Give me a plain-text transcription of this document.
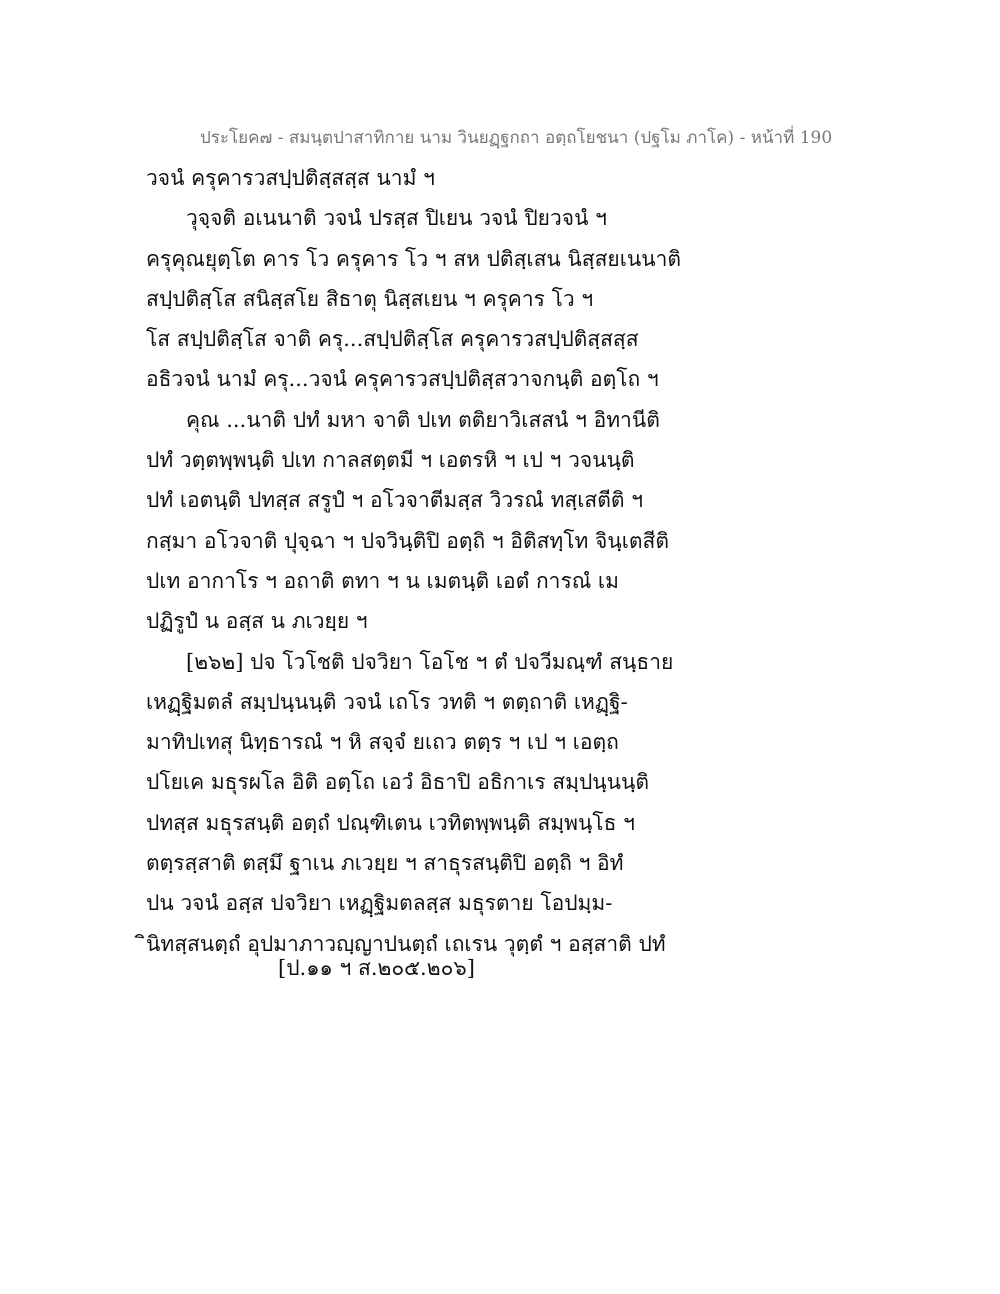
ประโยค๗ - สมนฺตปาสาทิกาย นาม วินยฏฺฐกถา อตฺถโยชนา (ปฐโม ภาโค) - หน้าที่ 190
วจนํ ครุคารวสปฺปติสฺสสฺส นามํ ฯ
วุจฺจติ อเนนาติ วจนํ ปรสฺส ปิเยน วจนํ ปิยวจนํ ฯ
ครุคุณยุตฺโต คาร โว ครุคาร โว ฯ สห ปติสฺเสน นิสฺสยเนนาติ
สปฺปติสฺโส สนิสฺสโย สิธาตุ นิสฺสเยน ฯ ครุคาร โว ฯ
โส สปฺปติสฺโส จาติ ครุ...สปฺปติสฺโส ครุคารวสปฺปติสฺสสฺส
อธิวจนํ นามํ ครุ...วจนํ ครุคารวสปฺปติสฺสวาจกนฺติ อตฺโถ ฯ
คุณ ...นาติ ปทํ มหา จาติ ปเท ตติยาวิเสสนํ ฯ อิทานีติ
ปทํ วตฺตพฺพนฺติ ปเท กาลสตฺตมี ฯ เอตรหิ ฯ เป ฯ วจนนฺติ
ปทํ เอตนฺติ ปทสฺส สรูปํ ฯ อโวจาตีมสฺส วิวรณํ ทสฺเสตีติ ฯ
กสฺมา อโวจาติ ปุจฺฉา ฯ ปจวินฺติปิ อตฺถิ ฯ อิติสทฺโท จินฺเตสีติ
ปเท อากาโร ฯ อถาติ ตทา ฯ น เมตนฺติ เอตํ การณํ เม
ปฏิรูปํ น อสฺส น ภเวยฺย ฯ
[๒๖๒] ปจ โวโชติ ปจวิยา โอโช ฯ ตํ ปจวีมณฺฑํ สนฺธาย
เหฏฺฐิมตลํ สมฺปนฺนนฺติ วจนํ เถโร วทติ ฯ ตตฺถาติ เหฏฺฐิ-
มาทิปเทสุ นิทฺธารณํ ฯ หิ สจฺจํ ยเถว ตตฺร ฯ เป ฯ เอตฺถ
ปโยเค มธุรผโล อิติ อตฺโถ เอวํ อิธาปิ อธิกาเร สมฺปนฺนนฺติ
ปทสฺส มธุรสนฺติ อตฺถํ ปณฺฑิเตน เวทิตพฺพนฺติ สมฺพนฺโธ ฯ
ตตฺรสฺสาติ ตสฺมึ ฐาเน ภเวยฺย ฯ สาธุรสนฺติปิ อตฺถิ ฯ อิทํ
ปน วจนํ อสฺส ปจวิยา เหฏฺฐิมตลสฺส มธุรตาย โอปมฺม-
ินิทสฺสนตฺถํ อุปมาภาวญฺญาปนตฺถํ เถเรน วุตฺตํ ฯ อสฺสาติ ปทํ
[ป.๑๑ ฯ ส.๒๐๕.๒๐๖]
